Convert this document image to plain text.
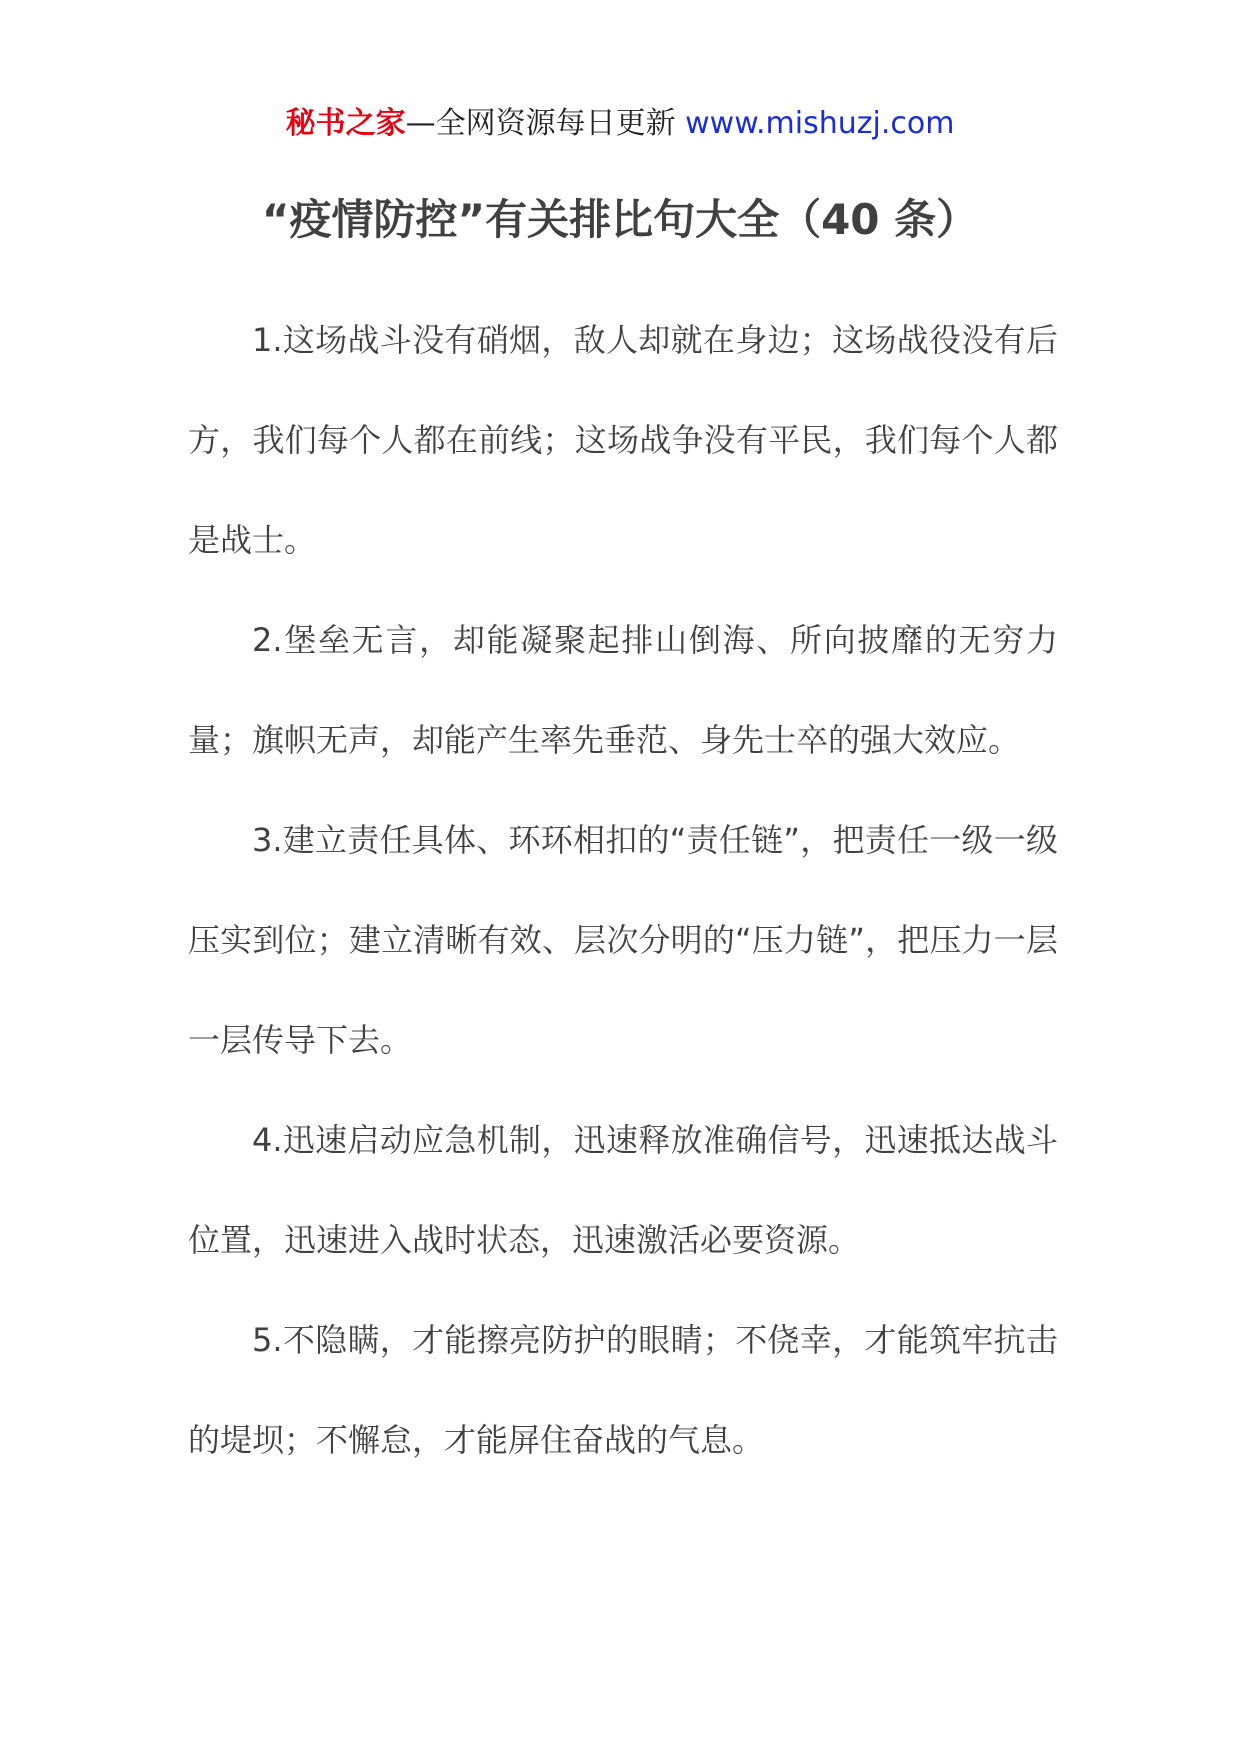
秘书之家—全网资源每日更新 www.mishuzj.com
“疫情防控”有关排比句大全（40 条）

1.这场战斗没有硝烟，敌人却就在身边；这场战役没有后方，我们每个人都在前线；这场战争没有平民，我们每个人都是战士。

2.堡垒无言，却能凝聚起排山倒海、所向披靡的无穷力量；旗帜无声，却能产生率先垂范、身先士卒的强大效应。

3.建立责任具体、环环相扣的“责任链”，把责任一级一级压实到位；建立清晰有效、层次分明的“压力链”，把压力一层一层传导下去。

4.迅速启动应急机制，迅速释放准确信号，迅速抵达战斗位置，迅速进入战时状态，迅速激活必要资源。

5.不隐瞒，才能擦亮防护的眼睛；不侥幸，才能筑牢抗击的堤坝；不懈怠，才能屏住奋战的气息。
